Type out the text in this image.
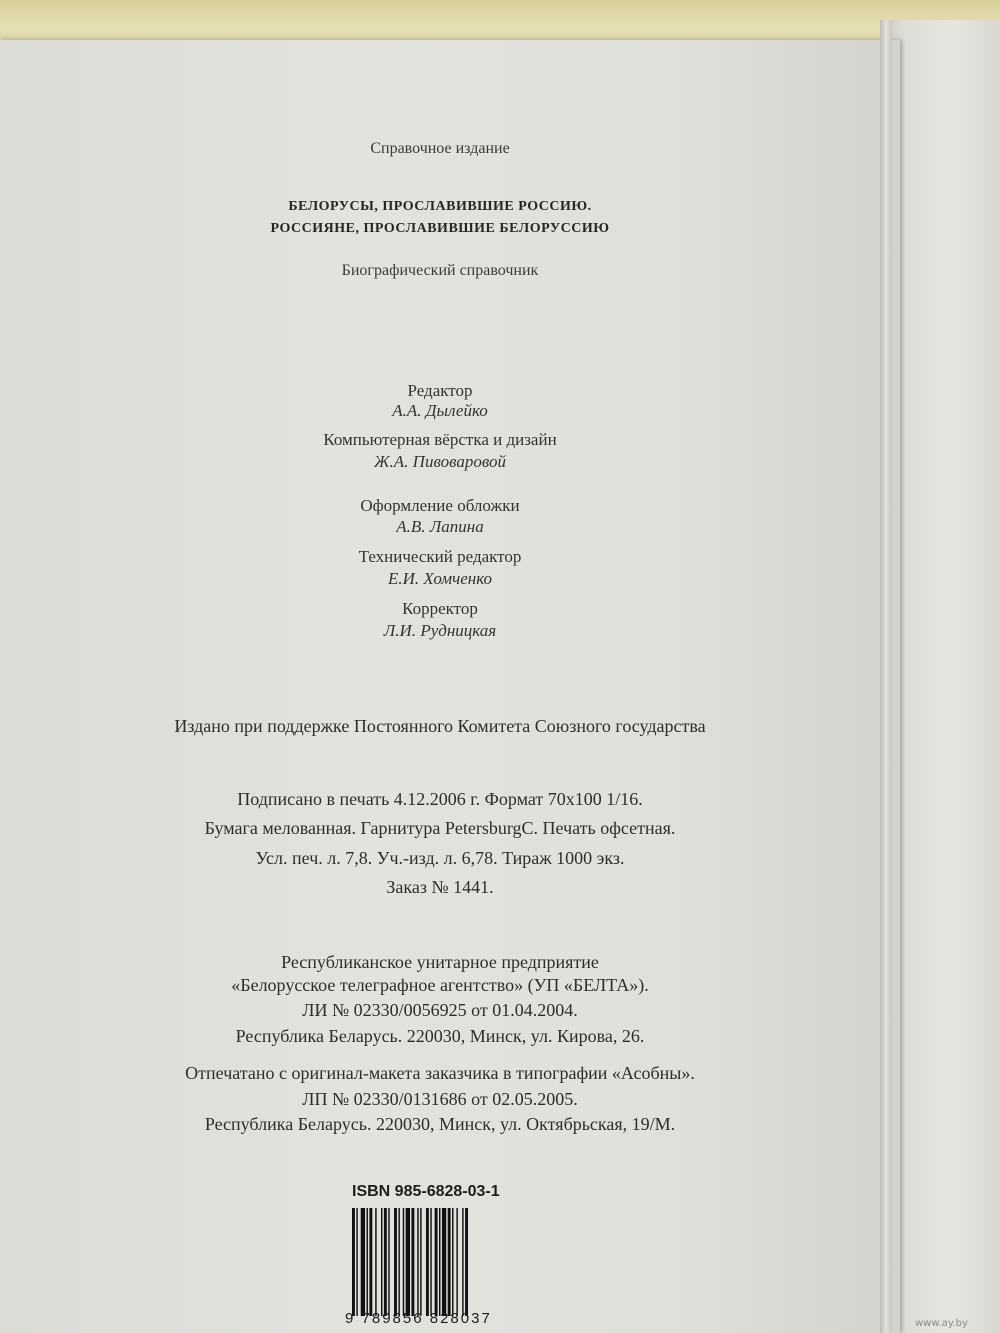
Справочное издание
БЕЛОРУСЫ, ПРОСЛАВИВШИЕ РОССИЮ.
РОССИЯНЕ, ПРОСЛАВИВШИЕ БЕЛОРУССИЮ
Биографический справочник
Редактор
А.А. Дылейко
Компьютерная вёрстка и дизайн
Ж.А. Пивоваровой
Оформление обложки
А.В. Лапина
Технический редактор
Е.И. Хомченко
Корректор
Л.И. Рудницкая
Издано при поддержке Постоянного Комитета Союзного государства
Подписано в печать 4.12.2006 г. Формат 70x100 1/16.
Бумага мелованная. Гарнитура PetersburgC. Печать офсетная.
Усл. печ. л. 7,8. Уч.-изд. л. 6,78. Тираж 1000 экз.
Заказ № 1441.
Республиканское унитарное предприятие
«Белорусское телеграфное агентство» (УП «БЕЛТА»).
ЛИ № 02330/0056925 от 01.04.2004.
Республика Беларусь. 220030, Минск, ул. Кирова, 26.
Отпечатано с оригинал-макета заказчика в типографии «Асобны».
ЛП № 02330/0131686 от 02.05.2005.
Республика Беларусь. 220030, Минск, ул. Октябрьская, 19/М.
ISBN 985-6828-03-1
9 789856 828037	www.ay.by
